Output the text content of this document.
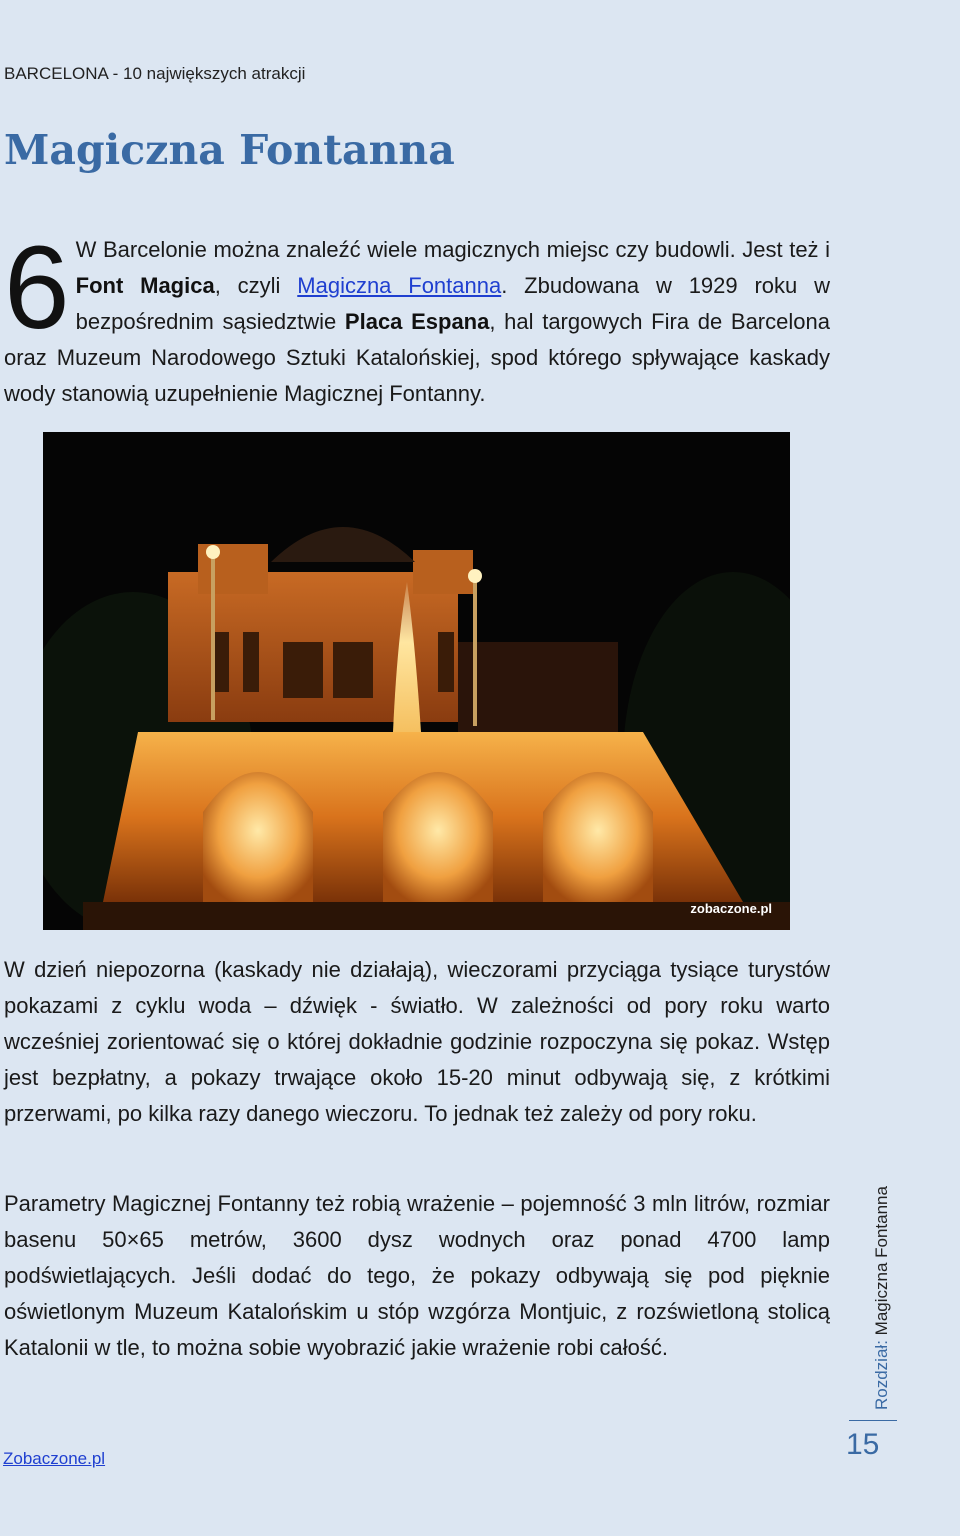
BARCELONA - 10 największych atrakcji
Magiczna Fontanna

6 W Barcelonie można znaleźć wiele magicznych miejsc czy budowli. Jest też i Font Magica, czyli Magiczna Fontanna. Zbudowana w 1929 roku w bezpośrednim sąsiedztwie Placa Espana, hal targowych Fira de Barcelona oraz Muzeum Narodowego Sztuki Katalońskiej, spod którego spływające kaskady wody stanowią uzupełnienie Magicznej Fontanny.

zobaczone.pl

W dzień niepozorna (kaskady nie działają), wieczorami przyciąga tysiące turystów pokazami z cyklu woda – dźwięk - światło. W zależności od pory roku warto wcześniej zorientować się o której dokładnie godzinie rozpoczyna się pokaz. Wstęp jest bezpłatny, a pokazy trwające około 15-20 minut odbywają się, z krótkimi przerwami, po kilka razy danego wieczoru. To jednak też zależy od pory roku.

Parametry Magicznej Fontanny też robią wrażenie – pojemność 3 mln litrów, rozmiar basenu 50×65 metrów, 3600 dysz wodnych oraz ponad 4700 lamp podświetlających. Jeśli dodać do tego, że pokazy odbywają się pod pięknie oświetlonym Muzeum Katalońskim u stóp wzgórza Montjuic, z rozświetloną stolicą Katalonii w tle, to można sobie wyobrazić jakie wrażenie robi całość.	Rozdział: Magiczna Fontanna
15
Zobaczone.pl
